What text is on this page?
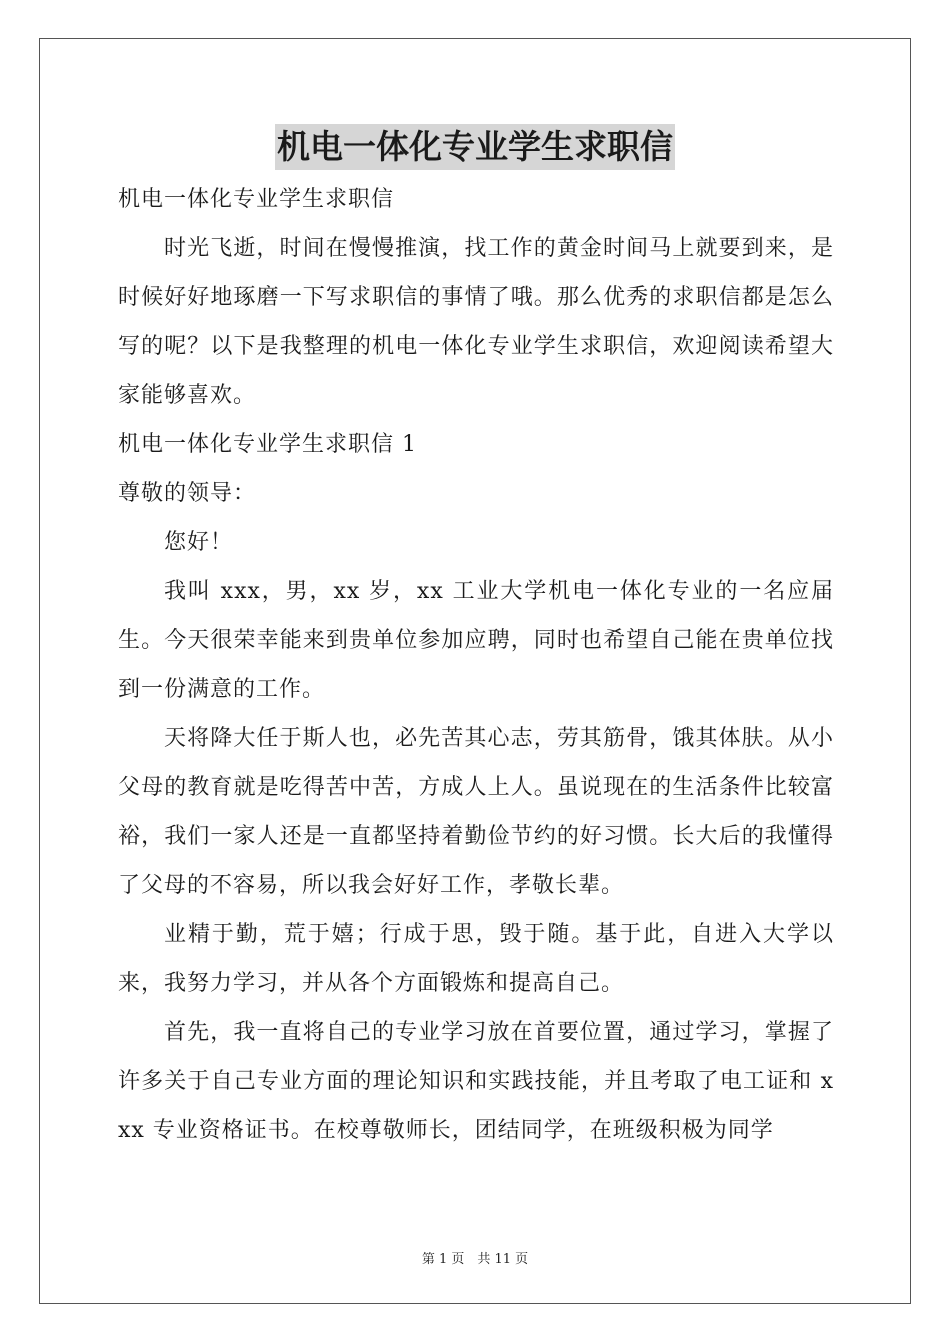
机电一体化专业学生求职信

机电一体化专业学生求职信

时光飞逝，时间在慢慢推演，找工作的黄金时间马上就要到来，是时候好好地琢磨一下写求职信的事情了哦。那么优秀的求职信都是怎么写的呢？以下是我整理的机电一体化专业学生求职信，欢迎阅读希望大家能够喜欢。

机电一体化专业学生求职信 1

尊敬的领导：

您好！

我叫 xxx，男，xx 岁，xx 工业大学机电一体化专业的一名应届生。今天很荣幸能来到贵单位参加应聘，同时也希望自己能在贵单位找到一份满意的工作。

天将降大任于斯人也，必先苦其心志，劳其筋骨，饿其体肤。从小父母的教育就是吃得苦中苦，方成人上人。虽说现在的生活条件比较富裕，我们一家人还是一直都坚持着勤俭节约的好习惯。长大后的我懂得了父母的不容易，所以我会好好工作，孝敬长辈。

业精于勤，荒于嬉；行成于思，毁于随。基于此，自进入大学以来，我努力学习，并从各个方面锻炼和提高自己。

首先，我一直将自己的专业学习放在首要位置，通过学习，掌握了许多关于自己专业方面的理论知识和实践技能，并且考取了电工证和 xxx 专业资格证书。在校尊敬师长，团结同学，在班级积极为同学

第 1 页　共 11 页
